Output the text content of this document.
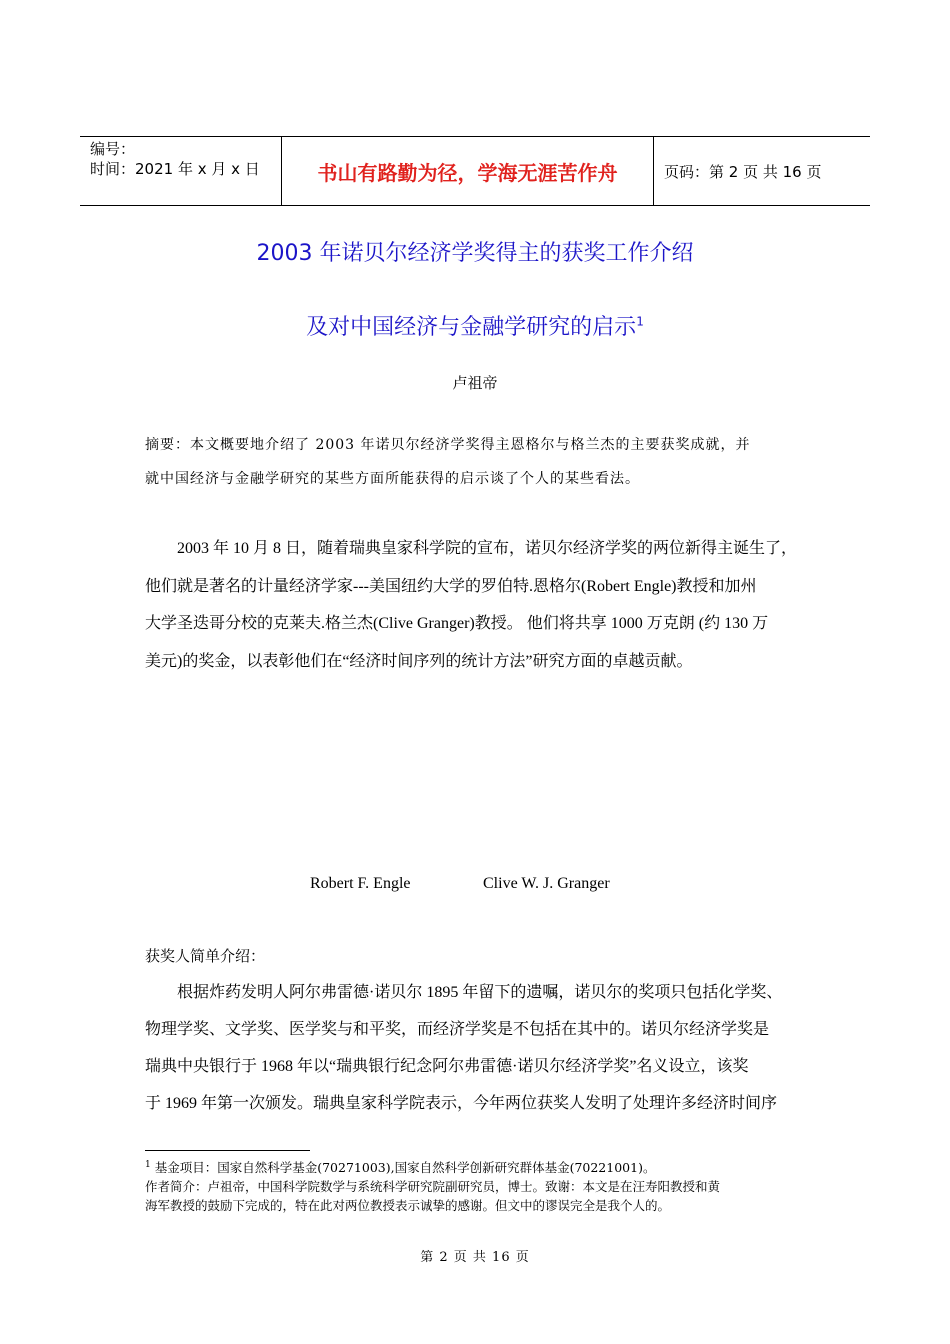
编号：
时间：2021 年 x 月 x 日	书山有路勤为径，学海无涯苦作舟	页码：第 2 页 共 16 页
2003 年诺贝尔经济学奖得主的获奖工作介绍
及对中国经济与金融学研究的启示$^1$
卢祖帝
摘要：本文概要地介绍了 2003 年诺贝尔经济学奖得主恩格尔与格兰杰的主要获奖成就，并
就中国经济与金融学研究的某些方面所能获得的启示谈了个人的某些看法。
　　2003 年 10 月 8 日，随着瑞典皇家科学院的宣布，诺贝尔经济学奖的两位新得主诞生了，
他们就是著名的计量经济学家---美国纽约大学的罗伯特.恩格尔(Robert Engle)教授和加州
大学圣迭哥分校的克莱夫.格兰杰(Clive Granger)教授。 他们将共享 1000 万克朗 (约 130 万
美元)的奖金，以表彰他们在“经济时间序列的统计方法”研究方面的卓越贡献。
Robert F. Engle	Clive W. J. Granger
获奖人简单介绍：
　　根据炸药发明人阿尔弗雷德·诺贝尔 1895 年留下的遗嘱，诺贝尔的奖项只包括化学奖、
物理学奖、文学奖、医学奖与和平奖，而经济学奖是不包括在其中的。诺贝尔经济学奖是
瑞典中央银行于 1968 年以“瑞典银行纪念阿尔弗雷德·诺贝尔经济学奖”名义设立，该奖
于 1969 年第一次颁发。瑞典皇家科学院表示，今年两位获奖人发明了处理许多经济时间序
$^1$ 基金项目：国家自然科学基金(70271003),国家自然科学创新研究群体基金(70221001)。
作者简介：卢祖帝，中国科学院数学与系统科学研究院副研究员，博士。致谢：本文是在汪寿阳教授和黄
海军教授的鼓励下完成的，特在此对两位教授表示诚挚的感谢。但文中的谬误完全是我个人的。
第 2 页 共 16 页
